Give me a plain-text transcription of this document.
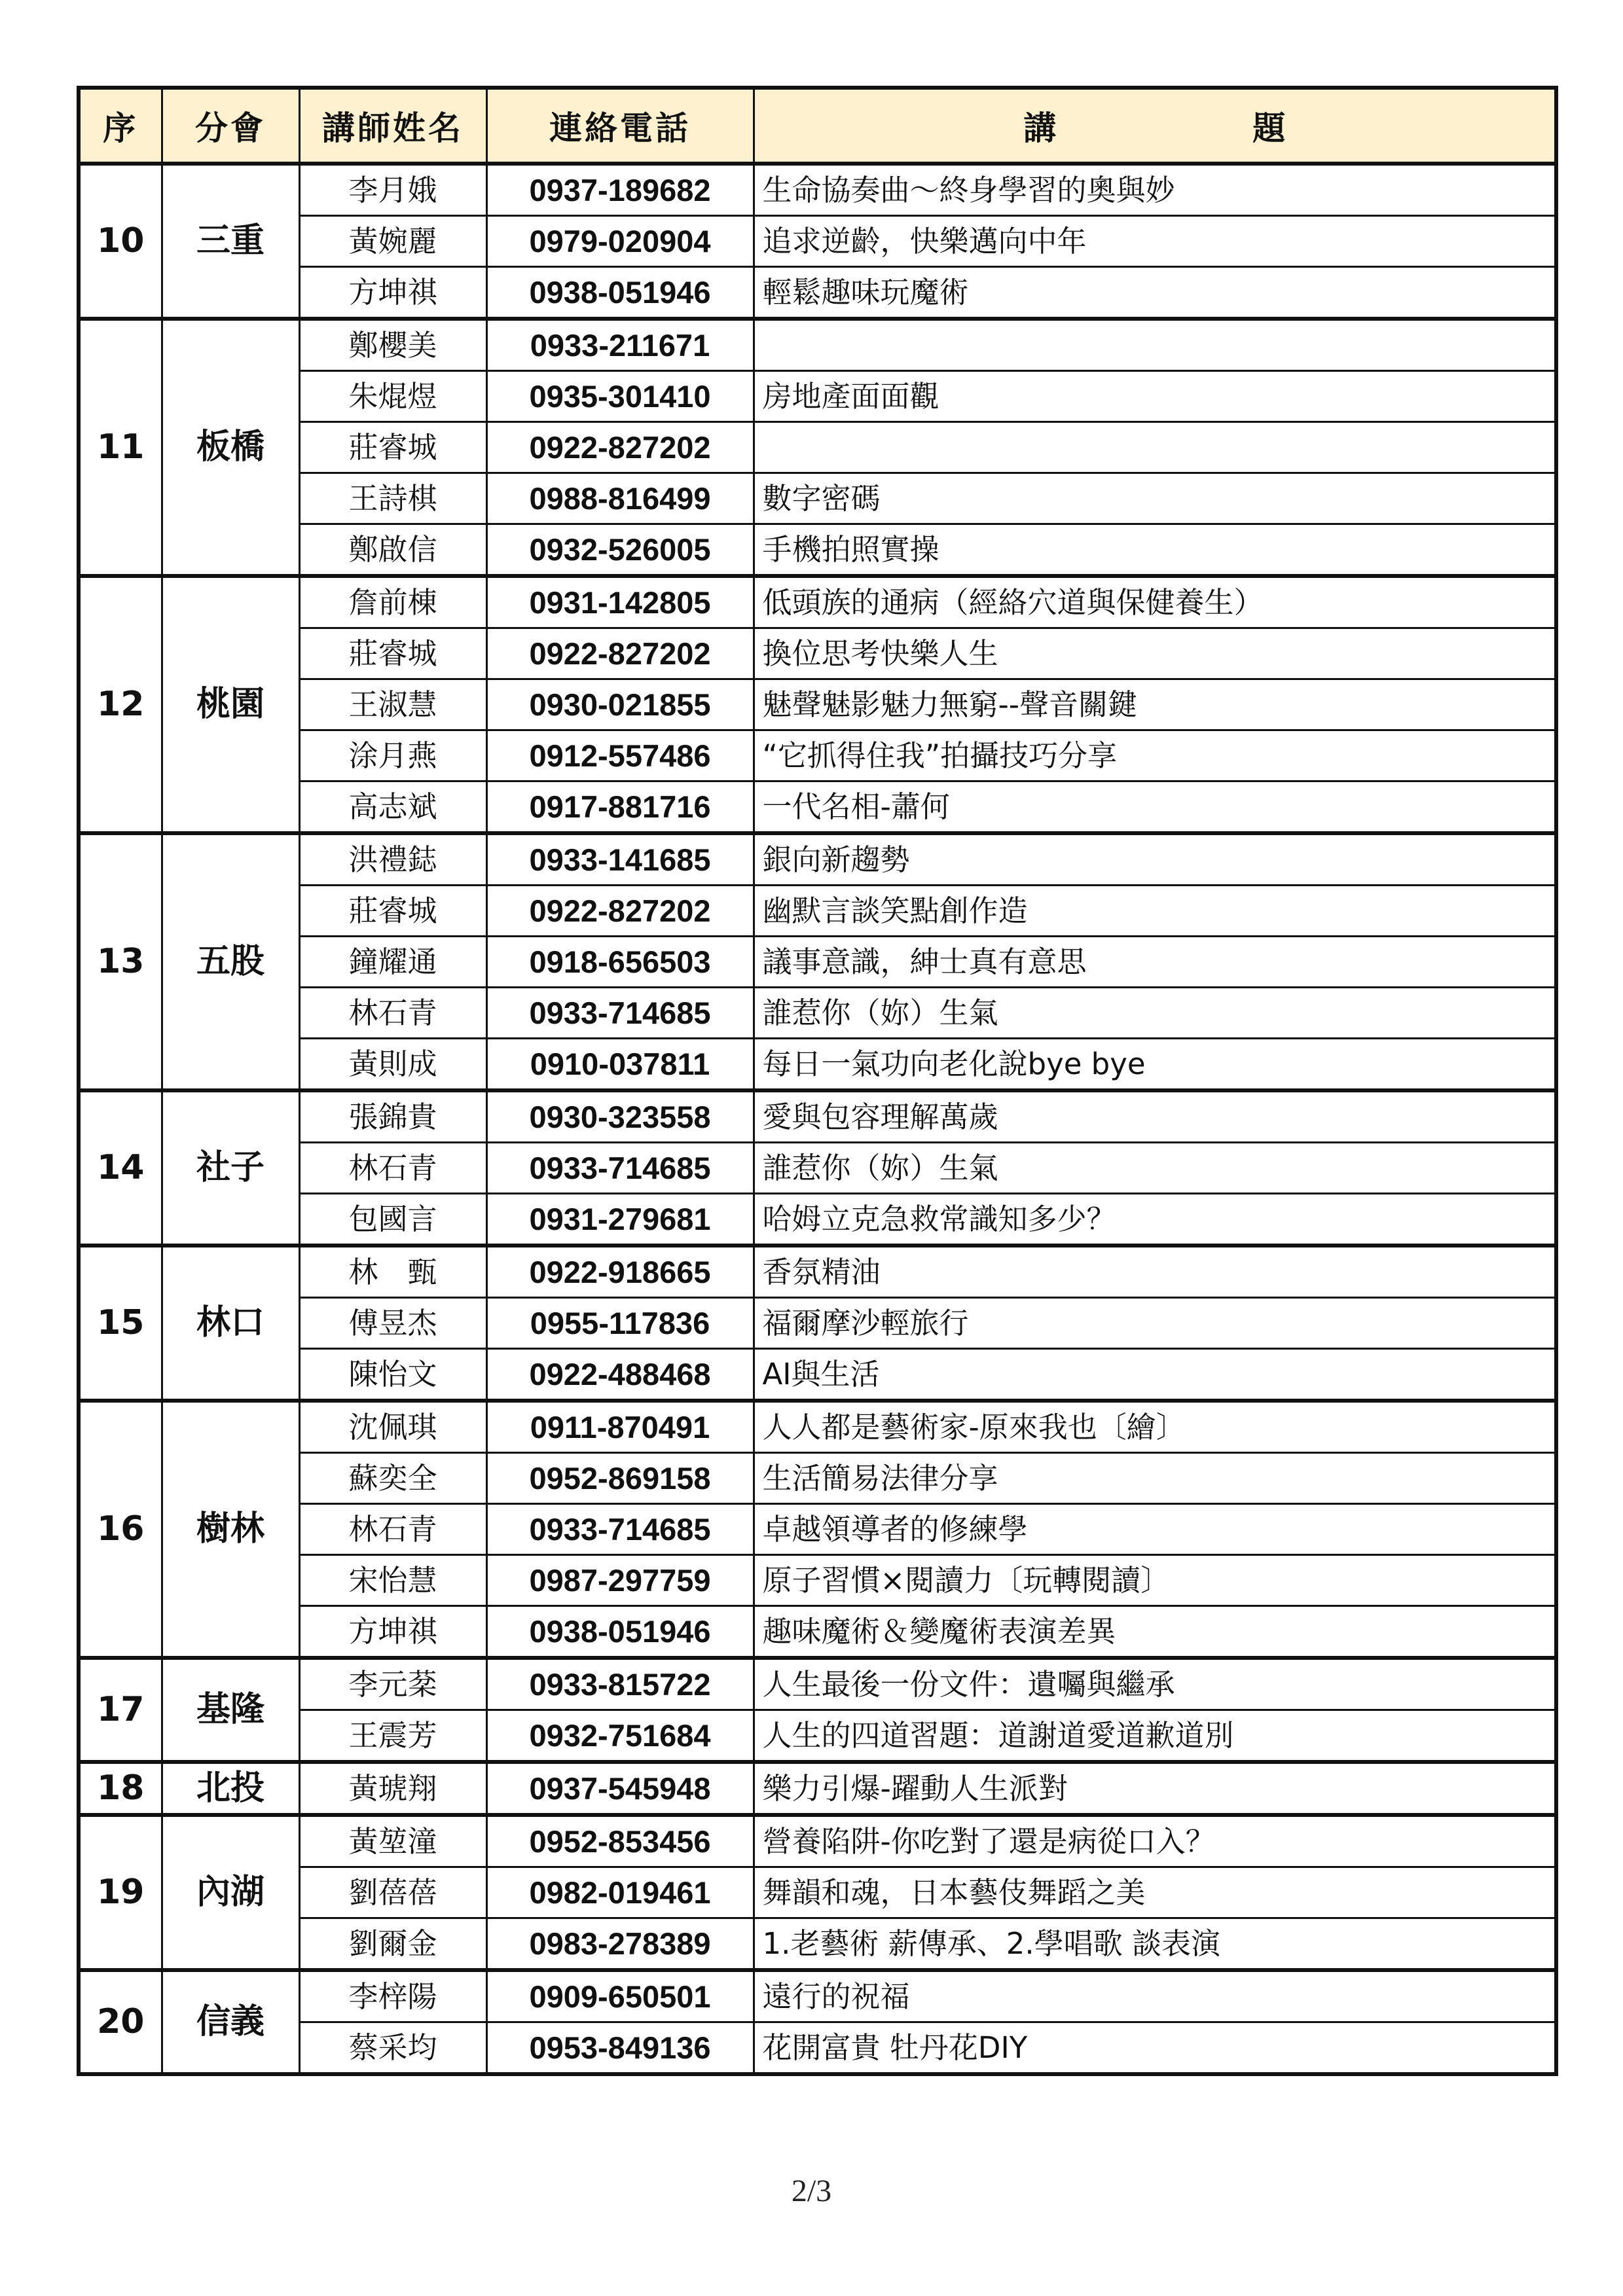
序	分會	講師姓名	連絡電話	講 題
10	三重	李月娥	0937-189682	生命協奏曲～終身學習的奧與妙
		黃婉麗	0979-020904	追求逆齡，快樂邁向中年
		方坤祺	0938-051946	輕鬆趣味玩魔術
11	板橋	鄭櫻美	0933-211671	
		朱焜煜	0935-301410	房地產面面觀
		莊睿城	0922-827202	
		王詩棋	0988-816499	數字密碼
		鄭啟信	0932-526005	手機拍照實操
12	桃園	詹前棟	0931-142805	低頭族的通病（經絡穴道與保健養生）
		莊睿城	0922-827202	換位思考快樂人生
		王淑慧	0930-021855	魅聲魅影魅力無窮--聲音關鍵
		涂月燕	0912-557486	“它抓得住我”拍攝技巧分享
		高志斌	0917-881716	一代名相-蕭何
13	五股	洪禮鋕	0933-141685	銀向新趨勢
		莊睿城	0922-827202	幽默言談笑點創作造
		鐘耀通	0918-656503	議事意識，紳士真有意思
		林石青	0933-714685	誰惹你（妳）生氣
		黃則成	0910-037811	每日一氣功向老化說bye bye
14	社子	張錦貴	0930-323558	愛與包容理解萬歲
		林石青	0933-714685	誰惹你（妳）生氣
		包國言	0931-279681	哈姆立克急救常識知多少？
15	林口	林　甄	0922-918665	香氛精油
		傅昱杰	0955-117836	福爾摩沙輕旅行
		陳怡文	0922-488468	AI與生活
16	樹林	沈佩琪	0911-870491	人人都是藝術家-原來我也〔繪〕
		蘇奕全	0952-869158	生活簡易法律分享
		林石青	0933-714685	卓越領導者的修練學
		宋怡慧	0987-297759	原子習慣×閱讀力〔玩轉閱讀〕
		方坤祺	0938-051946	趣味魔術＆變魔術表演差異
17	基隆	李元棻	0933-815722	人生最後一份文件：遺囑與繼承
		王震芳	0932-751684	人生的四道習題：道謝道愛道歉道別
18	北投	黃琥翔	0937-545948	樂力引爆-躍動人生派對
19	內湖	黃堃潼	0952-853456	營養陷阱-你吃對了還是病從口入？
		劉蓓蓓	0982-019461	舞韻和魂，日本藝伎舞蹈之美
		劉爾金	0983-278389	1.老藝術 薪傳承、2.學唱歌 談表演
20	信義	李梓陽	0909-650501	遠行的祝福
		蔡采均	0953-849136	花開富貴 牡丹花DIY
2/3
